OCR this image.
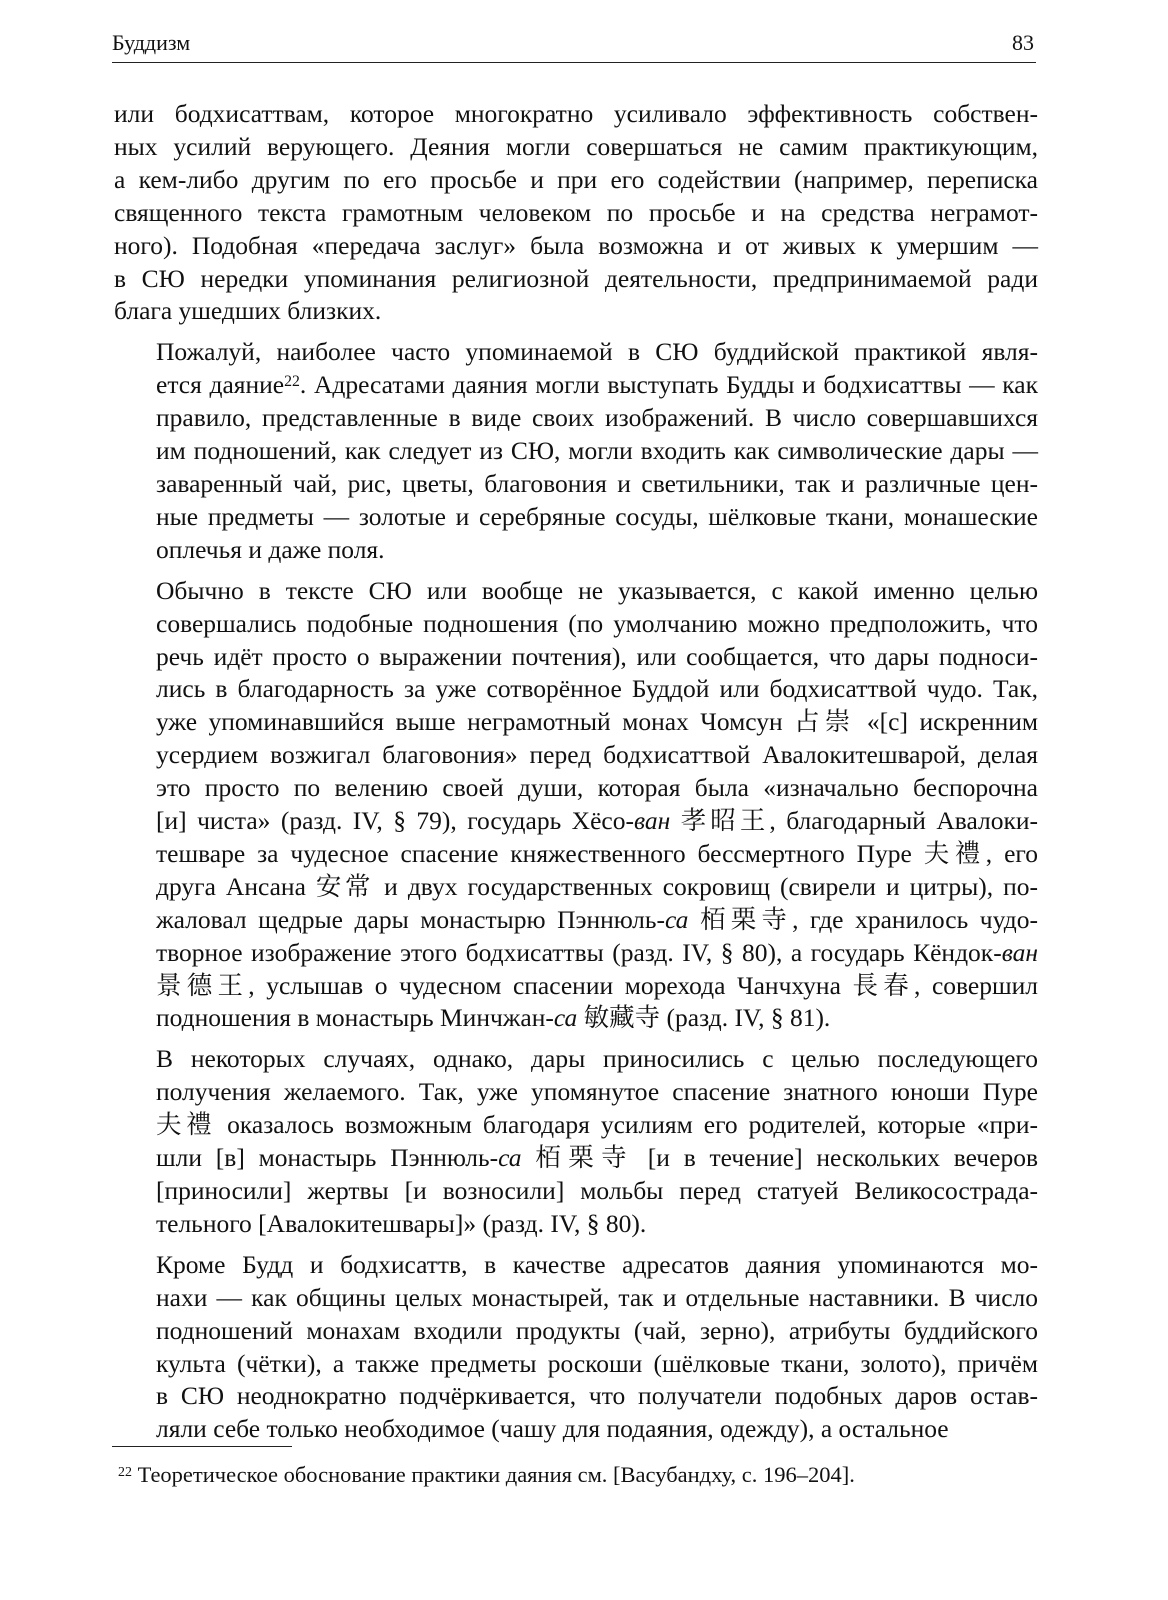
Буддизм	83
или бодхисаттвам, которое многократно усиливало эффективность собствен-
ных усилий верующего. Деяния могли совершаться не самим практикующим,
а кем-либо другим по его просьбе и при его содействии (например, переписка
священного текста грамотным человеком по просьбе и на средства неграмот-
ного). Подобная «передача заслуг» была возможна и от живых к умершим —
в СЮ нередки упоминания религиозной деятельности, предпринимаемой ради
блага ушедших близких.
Пожалуй, наиболее часто упоминаемой в СЮ буддийской практикой явля-
ется даяние$^{22}$. Адресатами даяния могли выступать Будды и бодхисаттвы — как
правило, представленные в виде своих изображений. В число совершавшихся
им подношений, как следует из СЮ, могли входить как символические дары —
заваренный чай, рис, цветы, благовония и светильники, так и различные цен-
ные предметы — золотые и серебряные сосуды, шёлковые ткани, монашеские
оплечья и даже поля.
Обычно в тексте СЮ или вообще не указывается, с какой именно целью
совершались подобные подношения (по умолчанию можно предположить, что
речь идёт просто о выражении почтения), или сообщается, что дары подноси-
лись в благодарность за уже сотворённое Буддой или бодхисаттвой чудо. Так,
уже упоминавшийся выше неграмотный монах Чомсун 占崇 «[с] искренним
усердием возжигал благовония» перед бодхисаттвой Авалокитешварой, делая
это просто по велению своей души, которая была «изначально беспорочна
[и] чиста» (разд. IV, § 79), государь Хёсо-ван 孝昭王, благодарный Авалоки-
тешваре за чудесное спасение княжественного бессмертного Пуре 夫禮, его
друга Ансана 安常 и двух государственных сокровищ (свирели и цитры), по-
жаловал щедрые дары монастырю Пэннюль-са 栢栗寺, где хранилось чудо-
творное изображение этого бодхисаттвы (разд. IV, § 80), а государь Кёндок-ван
景德王, услышав о чудесном спасении морехода Чанчхуна 長春, совершил
подношения в монастырь Минчжан-са 敏藏寺 (разд. IV, § 81).
В некоторых случаях, однако, дары приносились с целью последующего
получения желаемого. Так, уже упомянутое спасение знатного юноши Пуре
夫禮 оказалось возможным благодаря усилиям его родителей, которые «при-
шли [в] монастырь Пэннюль-са 栢栗寺 [и в течение] нескольких вечеров
[приносили] жертвы [и возносили] мольбы перед статуей Великосострада-
тельного [Авалокитешвары]» (разд. IV, § 80).
Кроме Будд и бодхисаттв, в качестве адресатов даяния упоминаются мо-
нахи — как общины целых монастырей, так и отдельные наставники. В число
подношений монахам входили продукты (чай, зерно), атрибуты буддийского
культа (чётки), а также предметы роскоши (шёлковые ткани, золото), причём
в СЮ неоднократно подчёркивается, что получатели подобных даров остав-
ляли себе только необходимое (чашу для подаяния, одежду), а остальное
$^{22}$ Теоретическое обоснование практики даяния см. [Васубандху, с. 196–204].
